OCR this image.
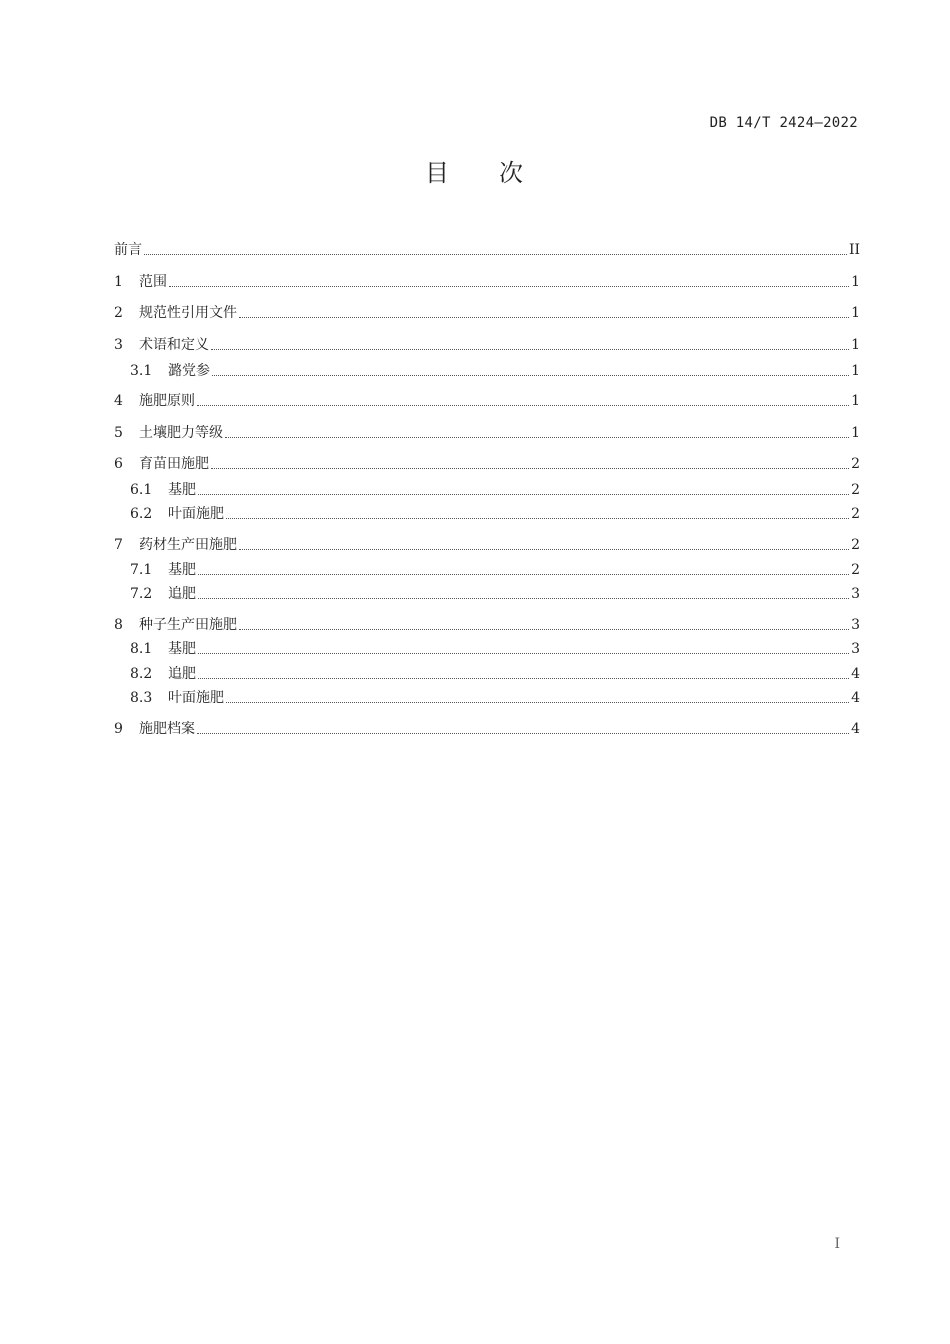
DB 14/T 2424—2022
目 次
前言	II
1	范围	1
2	规范性引用文件	1
3	术语和定义	1
3.1	潞党参	1
4	施肥原则	1
5	土壤肥力等级	1
6	育苗田施肥	2
6.1	基肥	2
6.2	叶面施肥	2
7	药材生产田施肥	2
7.1	基肥	2
7.2	追肥	3
8	种子生产田施肥	3
8.1	基肥	3
8.2	追肥	4
8.3	叶面施肥	4
9	施肥档案	4
I
